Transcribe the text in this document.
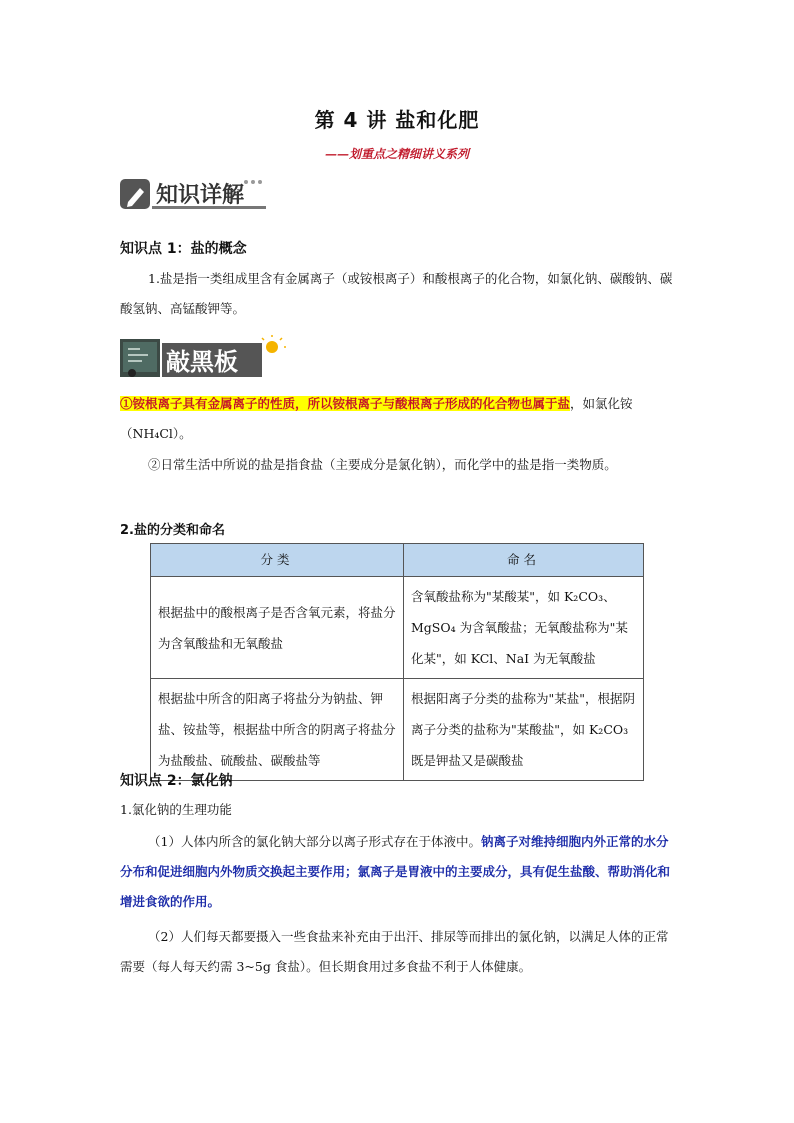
第 4 讲 盐和化肥
——划重点之精细讲义系列
知识详解
知识点 1：盐的概念
1.盐是指一类组成里含有金属离子（或铵根离子）和酸根离子的化合物，如氯化钠、碳酸钠、碳酸氢钠、高锰酸钾等。
敲黑板
①铵根离子具有金属离子的性质，所以铵根离子与酸根离子形成的化合物也属于盐，如氯化铵（NH₄Cl）。
②日常生活中所说的盐是指食盐（主要成分是氯化钠），而化学中的盐是指一类物质。
2.盐的分类和命名
分类	命名
根据盐中的酸根离子是否含氧元素，将盐分为含氧酸盐和无氧酸盐	含氧酸盐称为"某酸某"，如 K₂CO₃、MgSO₄ 为含氧酸盐；无氧酸盐称为"某化某"，如 KCl、NaI 为无氧酸盐
根据盐中所含的阳离子将盐分为钠盐、钾盐、铵盐等，根据盐中所含的阴离子将盐分为盐酸盐、硫酸盐、碳酸盐等	根据阳离子分类的盐称为"某盐"，根据阴离子分类的盐称为"某酸盐"，如 K₂CO₃ 既是钾盐又是碳酸盐
知识点 2：氯化钠
1.氯化钠的生理功能
（1）人体内所含的氯化钠大部分以离子形式存在于体液中。钠离子对维持细胞内外正常的水分分布和促进细胞内外物质交换起主要作用；氯离子是胃液中的主要成分，具有促生盐酸、帮助消化和增进食欲的作用。
（2）人们每天都要摄入一些食盐来补充由于出汗、排尿等而排出的氯化钠，以满足人体的正常需要（每人每天约需 3~5g 食盐）。但长期食用过多食盐不利于人体健康。
